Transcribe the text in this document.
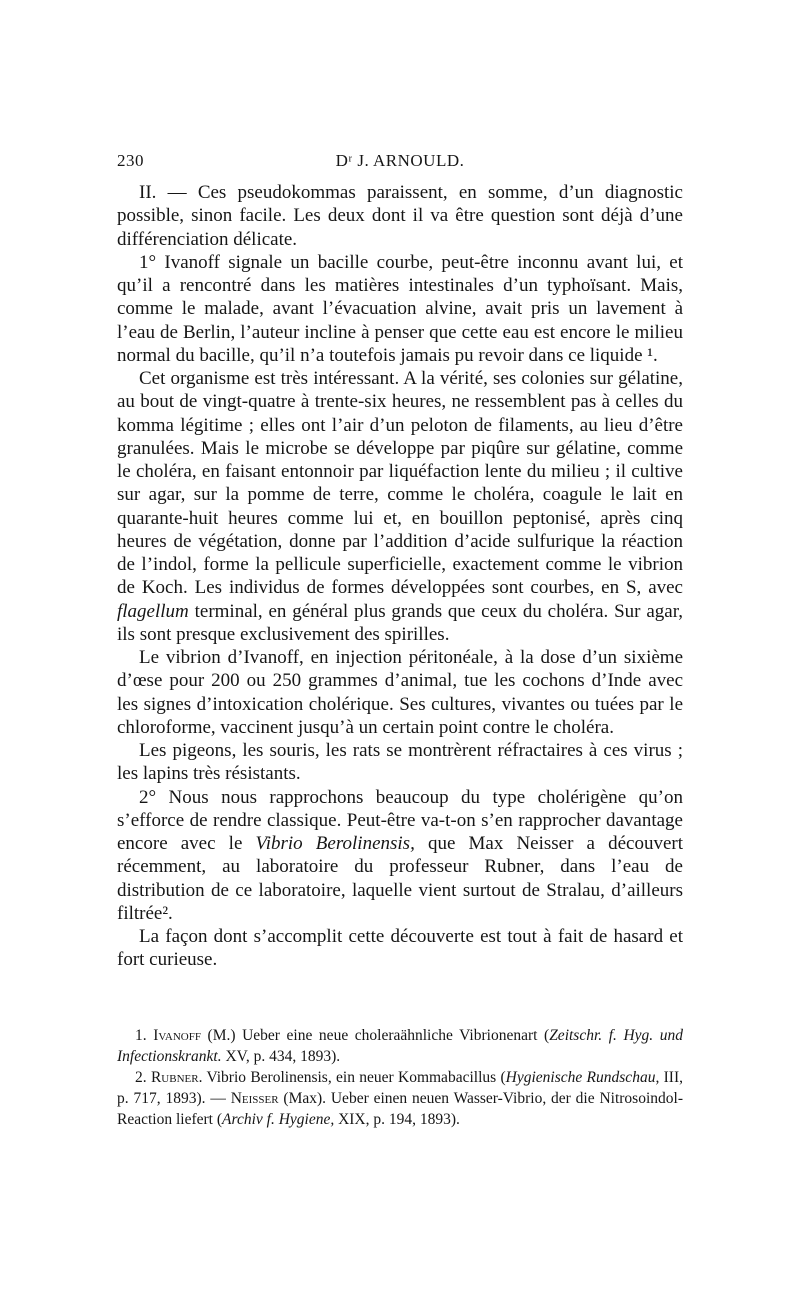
230	Dʳ J. ARNOULD.

II. — Ces pseudokommas paraissent, en somme, d’un diagnostic possible, sinon facile. Les deux dont il va être question sont déjà d’une différenciation délicate.

1° Ivanoff signale un bacille courbe, peut-être inconnu avant lui, et qu’il a rencontré dans les matières intestinales d’un typhoïsant. Mais, comme le malade, avant l’évacuation alvine, avait pris un lavement à l’eau de Berlin, l’auteur incline à penser que cette eau est encore le milieu normal du bacille, qu’il n’a toutefois jamais pu revoir dans ce liquide ¹.

Cet organisme est très intéressant. A la vérité, ses colonies sur gélatine, au bout de vingt-quatre à trente-six heures, ne ressemblent pas à celles du komma légitime ; elles ont l’air d’un peloton de filaments, au lieu d’être granulées. Mais le microbe se développe par piqûre sur gélatine, comme le choléra, en faisant entonnoir par liquéfaction lente du milieu ; il cultive sur agar, sur la pomme de terre, comme le choléra, coagule le lait en quarante-huit heures comme lui et, en bouillon peptonisé, après cinq heures de végétation, donne par l’addition d’acide sulfurique la réaction de l’indol, forme la pellicule superficielle, exactement comme le vibrion de Koch. Les individus de formes développées sont courbes, en S, avec flagellum terminal, en général plus grands que ceux du choléra. Sur agar, ils sont presque exclusivement des spirilles.

Le vibrion d’Ivanoff, en injection péritonéale, à la dose d’un sixième d’œse pour 200 ou 250 grammes d’animal, tue les cochons d’Inde avec les signes d’intoxication cholérique. Ses cultures, vivantes ou tuées par le chloroforme, vaccinent jusqu’à un certain point contre le choléra.

Les pigeons, les souris, les rats se montrèrent réfractaires à ces virus ; les lapins très résistants.

2° Nous nous rapprochons beaucoup du type cholérigène qu’on s’efforce de rendre classique. Peut-être va-t-on s’en rapprocher davantage encore avec le Vibrio Berolinensis, que Max Neisser a découvert récemment, au laboratoire du professeur Rubner, dans l’eau de distribution de ce laboratoire, laquelle vient surtout de Stralau, d’ailleurs filtrée².

La façon dont s’accomplit cette découverte est tout à fait de hasard et fort curieuse.

1. Ivanoff (M.) Ueber eine neue choleraähnliche Vibrionenart (Zeitschr. f. Hyg. und Infectionskrankt. XV, p. 434, 1893).

2. Rubner. Vibrio Berolinensis, ein neuer Kommabacillus (Hygienische Rundschau, III, p. 717, 1893). — Neisser (Max). Ueber einen neuen Wasser-Vibrio, der die Nitrosoindol-Reaction liefert (Archiv f. Hygiene, XIX, p. 194, 1893).
